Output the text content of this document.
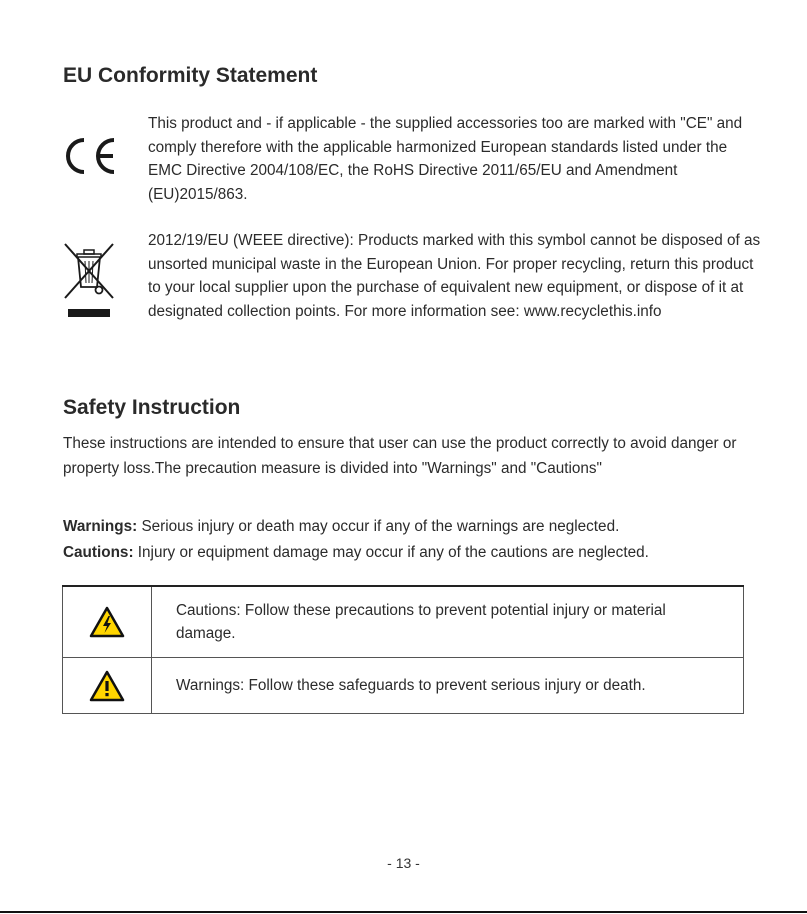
EU Conformity Statement

This product and - if applicable - the supplied accessories too are marked with "CE" and comply therefore with the applicable harmonized European standards listed under the EMC Directive 2004/108/EC, the RoHS Directive 2011/65/EU and Amendment (EU)2015/863.

2012/19/EU (WEEE directive): Products marked with this symbol cannot be disposed of as unsorted municipal waste in the European Union. For proper recycling, return this product to your local supplier upon the purchase of equivalent new equipment, or dispose of it at designated collection points. For more information see: www.recyclethis.info

Safety Instruction

These instructions are intended to ensure that user can use the product correctly to avoid danger or property loss.The precaution measure is divided into "Warnings" and "Cautions"

Warnings: Serious injury or death may occur if any of the warnings are neglected.

Cautions: Injury or equipment damage may occur if any of the cautions are neglected.

	Cautions: Follow these precautions to prevent potential injury or material damage.

	Warnings: Follow these safeguards to prevent serious injury or death.
- 13 -
